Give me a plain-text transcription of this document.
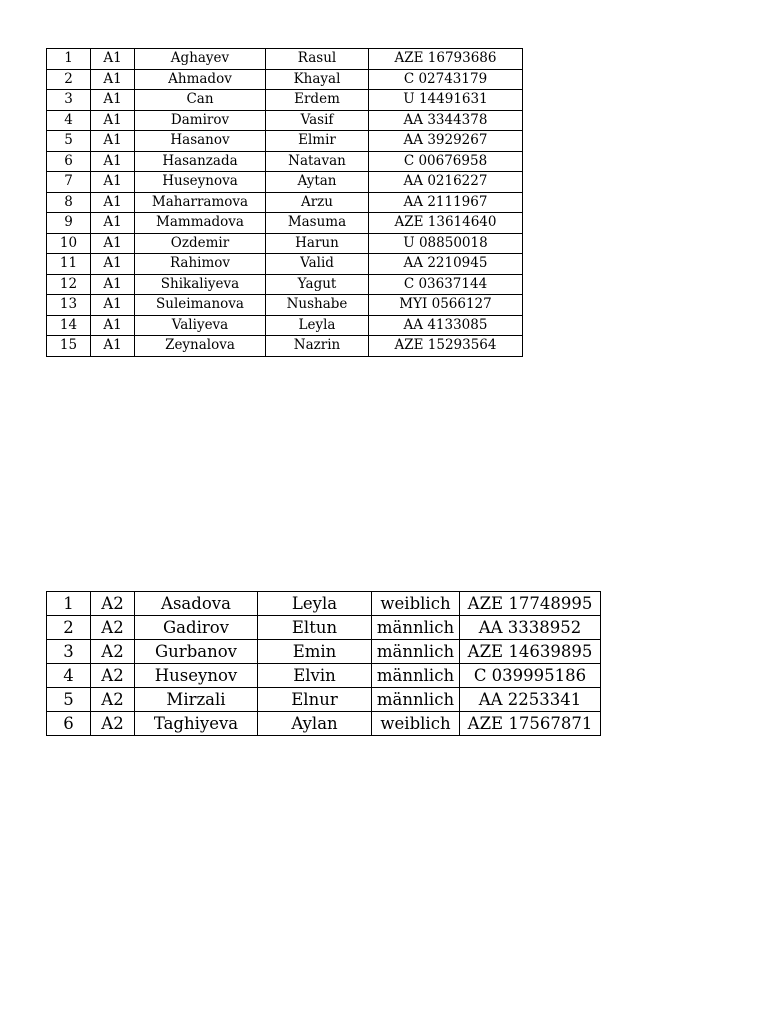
1	A1	Aghayev	Rasul	AZE 16793686
2	A1	Ahmadov	Khayal	C 02743179
3	A1	Can	Erdem	U 14491631
4	A1	Damirov	Vasif	AA 3344378
5	A1	Hasanov	Elmir	AA 3929267
6	A1	Hasanzada	Natavan	C 00676958
7	A1	Huseynova	Aytan	AA 0216227
8	A1	Maharramova	Arzu	AA 2111967
9	A1	Mammadova	Masuma	AZE 13614640
10	A1	Ozdemir	Harun	U 08850018
11	A1	Rahimov	Valid	AA 2210945
12	A1	Shikaliyeva	Yagut	C 03637144
13	A1	Suleimanova	Nushabe	MYI 0566127
14	A1	Valiyeva	Leyla	AA 4133085
15	A1	Zeynalova	Nazrin	AZE 15293564
1	A2	Asadova	Leyla	weiblich	AZE 17748995
2	A2	Gadirov	Eltun	männlich	AA 3338952
3	A2	Gurbanov	Emin	männlich	AZE 14639895
4	A2	Huseynov	Elvin	männlich	C 039995186
5	A2	Mirzali	Elnur	männlich	AA 2253341
6	A2	Taghiyeva	Aylan	weiblich	AZE 17567871
